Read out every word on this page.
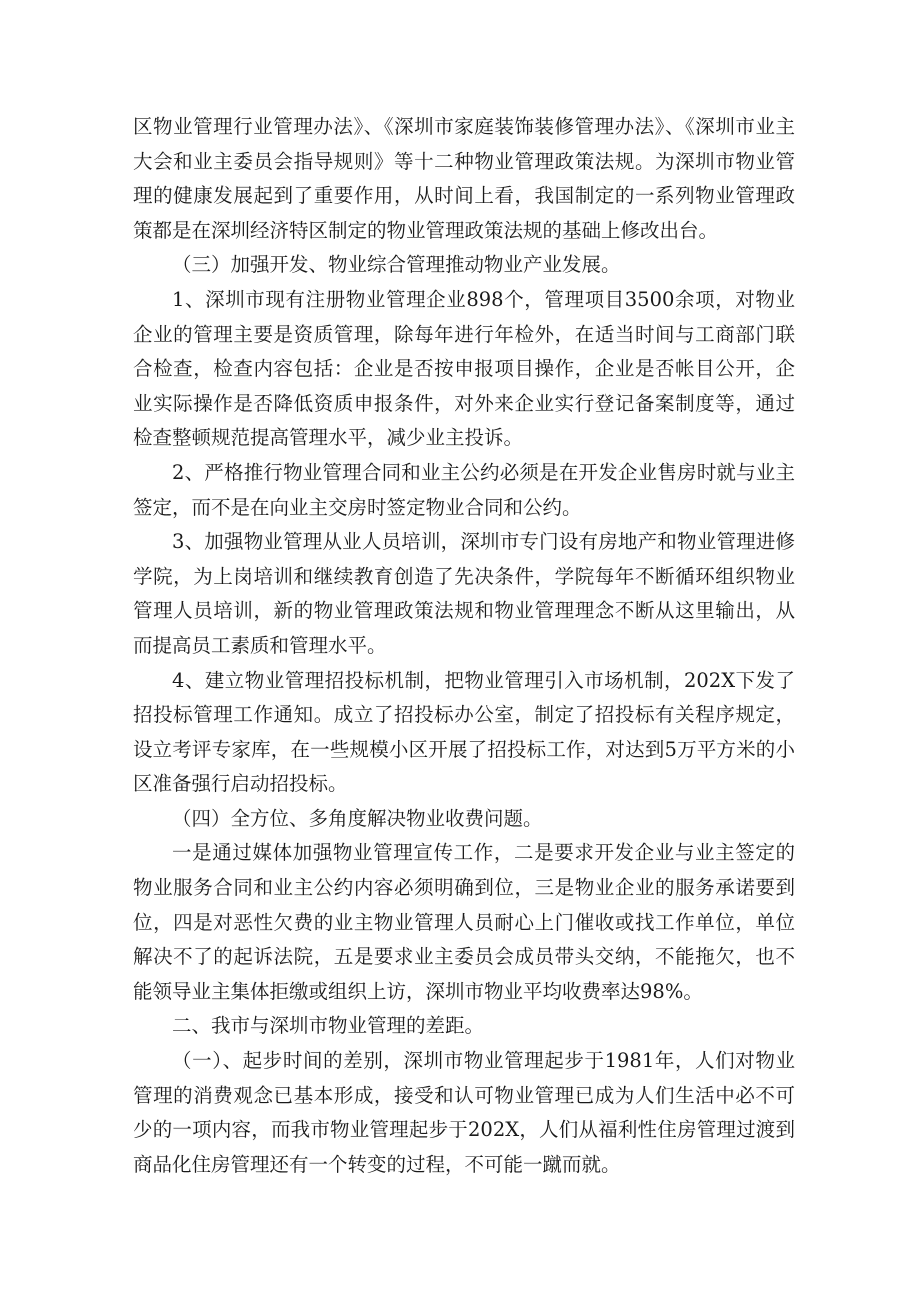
区物业管理行业管理办法》、《深圳市家庭装饰装修管理办法》、《深圳市业主大会和业主委员会指导规则》等十二种物业管理政策法规。为深圳市物业管理的健康发展起到了重要作用，从时间上看，我国制定的一系列物业管理政策都是在深圳经济特区制定的物业管理政策法规的基础上修改出台。

（三）加强开发、物业综合管理推动物业产业发展。

1、深圳市现有注册物业管理企业898个，管理项目3500余项，对物业企业的管理主要是资质管理，除每年进行年检外，在适当时间与工商部门联合检查，检查内容包括：企业是否按申报项目操作，企业是否帐目公开，企业实际操作是否降低资质申报条件，对外来企业实行登记备案制度等，通过检查整顿规范提高管理水平，减少业主投诉。

2、严格推行物业管理合同和业主公约必须是在开发企业售房时就与业主签定，而不是在向业主交房时签定物业合同和公约。

3、加强物业管理从业人员培训，深圳市专门设有房地产和物业管理进修学院，为上岗培训和继续教育创造了先决条件，学院每年不断循环组织物业管理人员培训，新的物业管理政策法规和物业管理理念不断从这里输出，从而提高员工素质和管理水平。

4、建立物业管理招投标机制，把物业管理引入市场机制，202X下发了招投标管理工作通知。成立了招投标办公室，制定了招投标有关程序规定，设立考评专家库，在一些规模小区开展了招投标工作，对达到5万平方米的小区准备强行启动招投标。

（四）全方位、多角度解决物业收费问题。

一是通过媒体加强物业管理宣传工作，二是要求开发企业与业主签定的物业服务合同和业主公约内容必须明确到位，三是物业企业的服务承诺要到位，四是对恶性欠费的业主物业管理人员耐心上门催收或找工作单位，单位解决不了的起诉法院，五是要求业主委员会成员带头交纳，不能拖欠，也不能领导业主集体拒缴或组织上访，深圳市物业平均收费率达98%。

二、我市与深圳市物业管理的差距。

（一）、起步时间的差别，深圳市物业管理起步于1981年，人们对物业管理的消费观念已基本形成，接受和认可物业管理已成为人们生活中必不可少的一项内容，而我市物业管理起步于202X，人们从福利性住房管理过渡到商品化住房管理还有一个转变的过程，不可能一蹴而就。
